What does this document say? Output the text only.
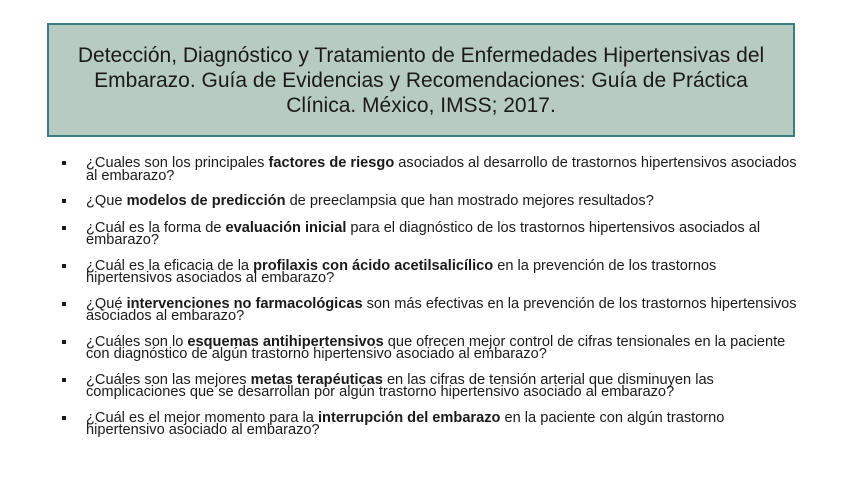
Detección, Diagnóstico y Tratamiento de Enfermedades Hipertensivas del Embarazo. Guía de Evidencias y Recomendaciones: Guía de Práctica Clínica. México, IMSS; 2017.
¿Cuales son los principales factores de riesgo asociados al desarrollo de trastornos hipertensivos asociados al embarazo?
¿Que modelos de predicción de preeclampsia que han mostrado mejores resultados?
¿Cuál es la forma de evaluación inicial para el diagnóstico de los trastornos hipertensivos asociados al embarazo?
¿Cuál es la eficacia de la profilaxis con ácido acetilsalicílico en la prevención de los trastornos hipertensivos asociados al embarazo?
¿Qué intervenciones no farmacológicas son más efectivas en la prevención de los trastornos hipertensivos asociados al embarazo?
¿Cuáles son lo esquemas antihipertensivos que ofrecen mejor control de cifras tensionales en la paciente con diagnóstico de algún trastorno hipertensivo asociado al embarazo?
¿Cuáles son las mejores metas terapéuticas en las cifras de tensión arterial que disminuyen las complicaciones que se desarrollan por algún trastorno hipertensivo asociado al embarazo?
¿Cuál es el mejor momento para la interrupción del embarazo en la paciente con algún trastorno hipertensivo asociado al embarazo?
